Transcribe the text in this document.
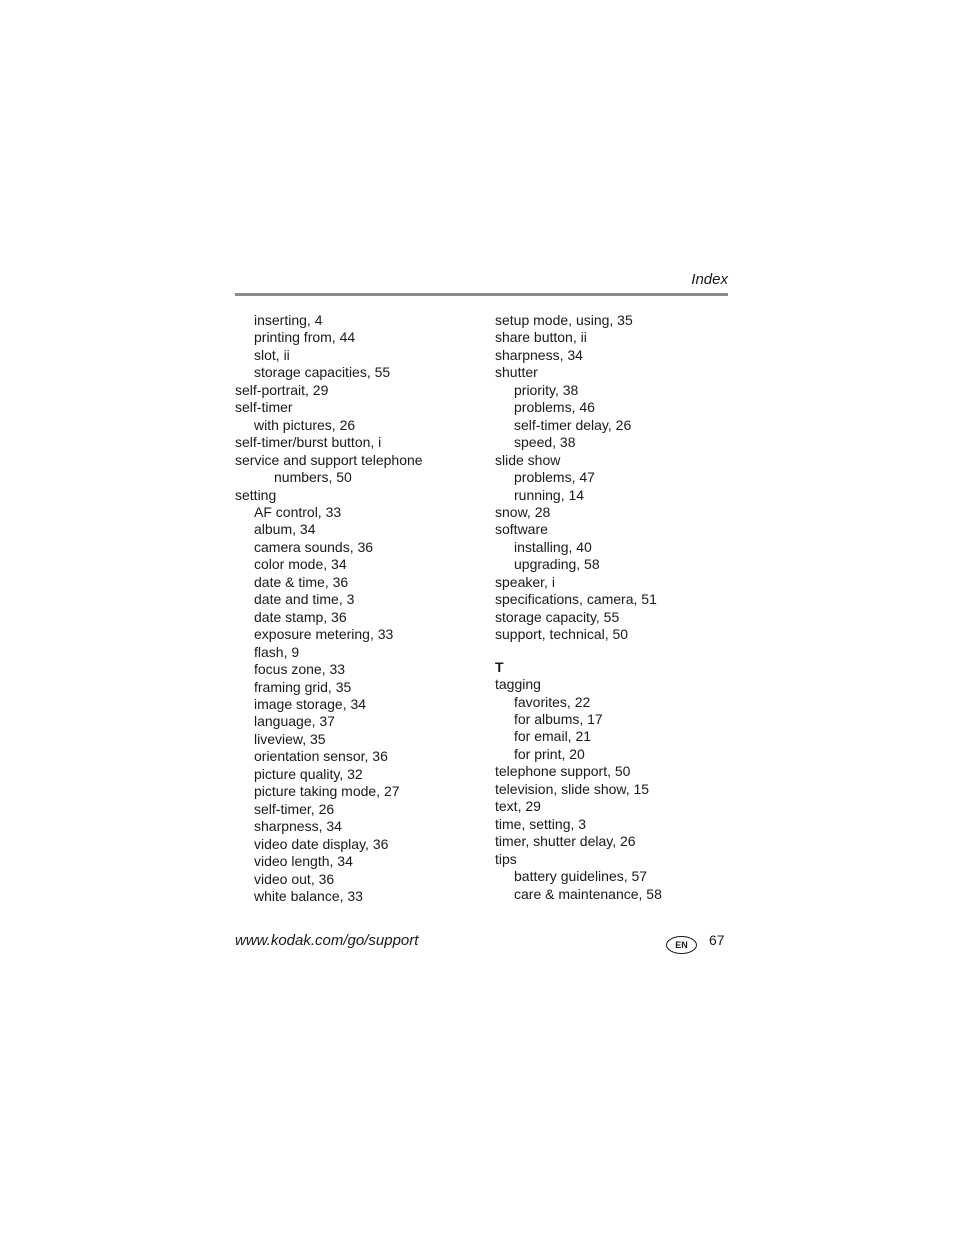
Index
inserting, 4
printing from, 44
slot, ii
storage capacities, 55
self-portrait, 29
self-timer
with pictures, 26
self-timer/burst button, i
service and support telephone
numbers, 50
setting
AF control, 33
album, 34
camera sounds, 36
color mode, 34
date & time, 36
date and time, 3
date stamp, 36
exposure metering, 33
flash, 9
focus zone, 33
framing grid, 35
image storage, 34
language, 37
liveview, 35
orientation sensor, 36
picture quality, 32
picture taking mode, 27
self-timer, 26
sharpness, 34
video date display, 36
video length, 34
video out, 36
white balance, 33
setup mode, using, 35
share button, ii
sharpness, 34
shutter
priority, 38
problems, 46
self-timer delay, 26
speed, 38
slide show
problems, 47
running, 14
snow, 28
software
installing, 40
upgrading, 58
speaker, i
specifications, camera, 51
storage capacity, 55
support, technical, 50
T
tagging
favorites, 22
for albums, 17
for email, 21
for print, 20
telephone support, 50
television, slide show, 15
text, 29
time, setting, 3
timer, shutter delay, 26
tips
battery guidelines, 57
care & maintenance, 58
www.kodak.com/go/support	EN	67
